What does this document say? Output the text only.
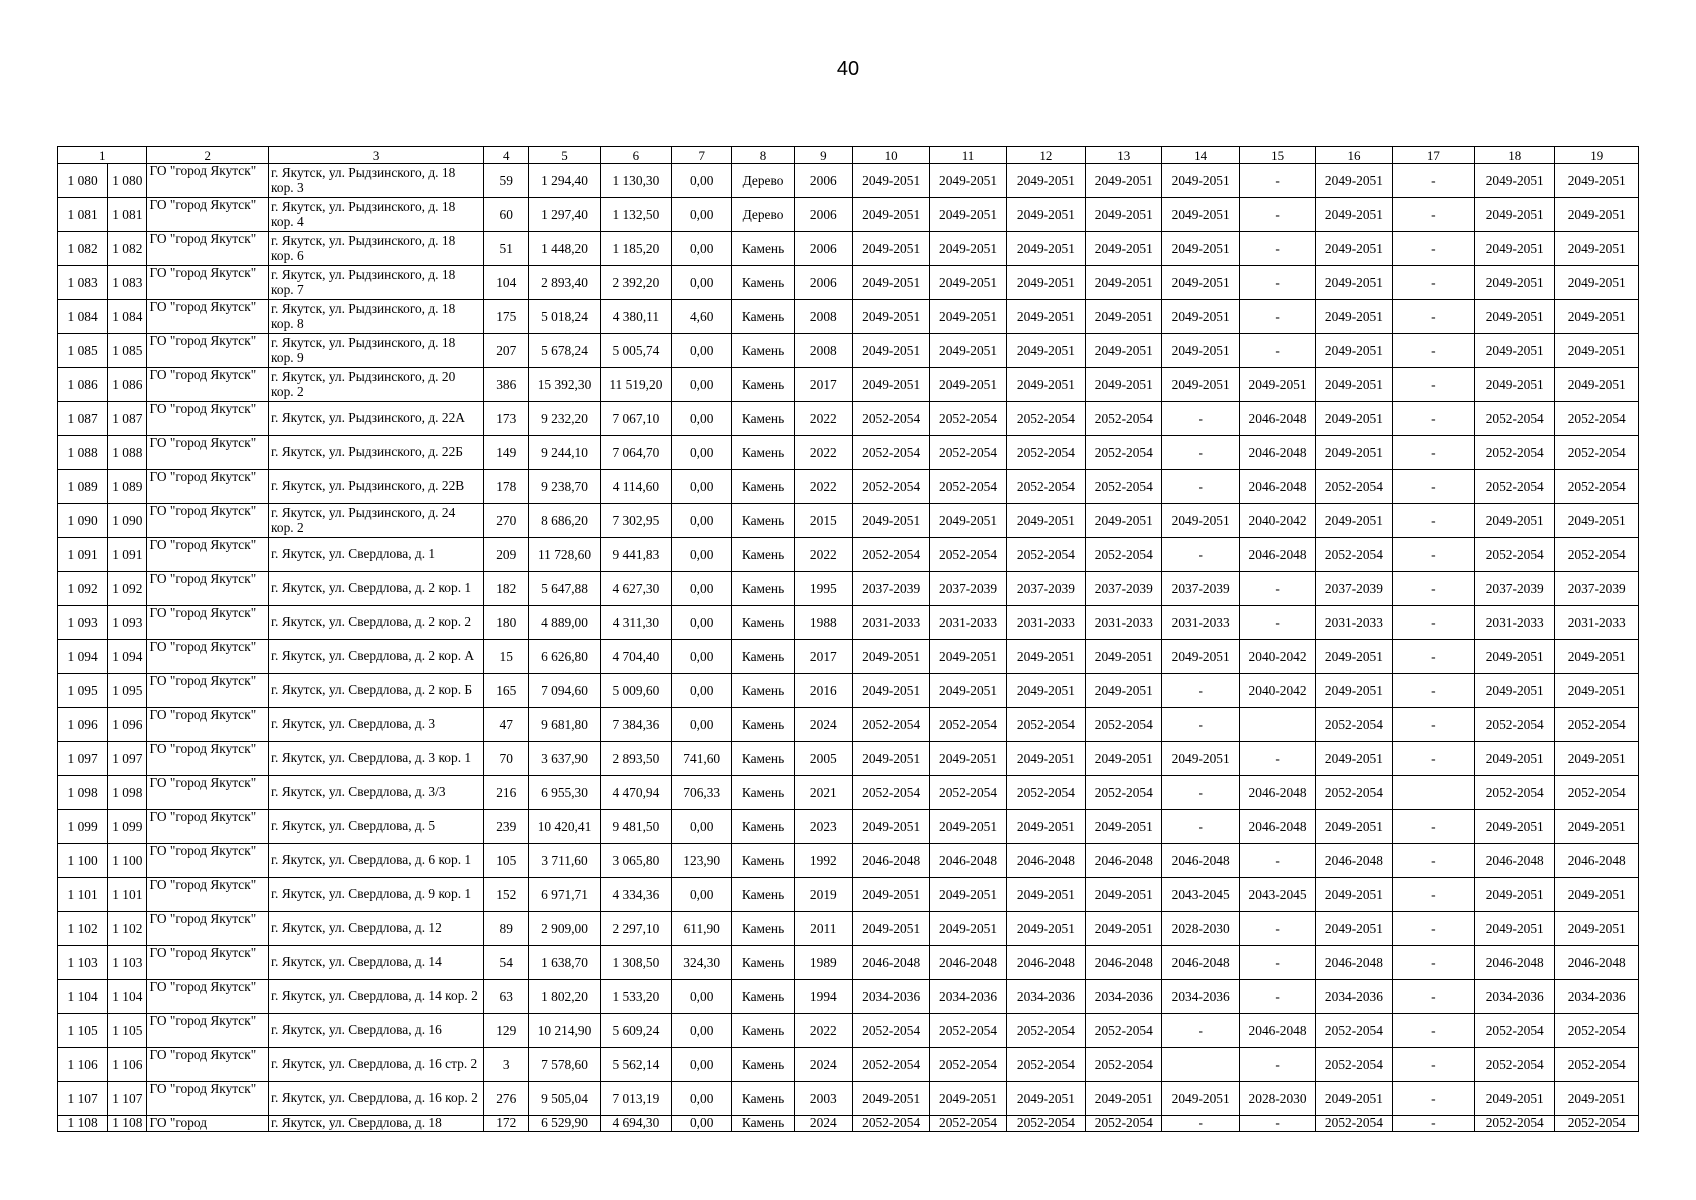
40
1		2	3	4	5	6	7	8	9	10	11	12	13	14	15	16	17	18	19
1 080	1 080	ГО "город Якутск"	г. Якутск, ул. Рыдзинского, д. 18 кор. 3	59	1 294,40	1 130,30	0,00	Дерево	2006	2049-2051	2049-2051	2049-2051	2049-2051	2049-2051	-	2049-2051	-	2049-2051	2049-2051
1 081	1 081	ГО "город Якутск"	г. Якутск, ул. Рыдзинского, д. 18 кор. 4	60	1 297,40	1 132,50	0,00	Дерево	2006	2049-2051	2049-2051	2049-2051	2049-2051	2049-2051	-	2049-2051	-	2049-2051	2049-2051
1 082	1 082	ГО "город Якутск"	г. Якутск, ул. Рыдзинского, д. 18 кор. 6	51	1 448,20	1 185,20	0,00	Камень	2006	2049-2051	2049-2051	2049-2051	2049-2051	2049-2051	-	2049-2051	-	2049-2051	2049-2051
1 083	1 083	ГО "город Якутск"	г. Якутск, ул. Рыдзинского, д. 18 кор. 7	104	2 893,40	2 392,20	0,00	Камень	2006	2049-2051	2049-2051	2049-2051	2049-2051	2049-2051	-	2049-2051	-	2049-2051	2049-2051
1 084	1 084	ГО "город Якутск"	г. Якутск, ул. Рыдзинского, д. 18 кор. 8	175	5 018,24	4 380,11	4,60	Камень	2008	2049-2051	2049-2051	2049-2051	2049-2051	2049-2051	-	2049-2051	-	2049-2051	2049-2051
1 085	1 085	ГО "город Якутск"	г. Якутск, ул. Рыдзинского, д. 18 кор. 9	207	5 678,24	5 005,74	0,00	Камень	2008	2049-2051	2049-2051	2049-2051	2049-2051	2049-2051	-	2049-2051	-	2049-2051	2049-2051
1 086	1 086	ГО "город Якутск"	г. Якутск, ул. Рыдзинского, д. 20 кор. 2	386	15 392,30	11 519,20	0,00	Камень	2017	2049-2051	2049-2051	2049-2051	2049-2051	2049-2051	2049-2051	2049-2051	-	2049-2051	2049-2051
1 087	1 087	ГО "город Якутск"	г. Якутск, ул. Рыдзинского, д. 22А	173	9 232,20	7 067,10	0,00	Камень	2022	2052-2054	2052-2054	2052-2054	2052-2054	-	2046-2048	2049-2051	-	2052-2054	2052-2054
1 088	1 088	ГО "город Якутск"	г. Якутск, ул. Рыдзинского, д. 22Б	149	9 244,10	7 064,70	0,00	Камень	2022	2052-2054	2052-2054	2052-2054	2052-2054	-	2046-2048	2049-2051	-	2052-2054	2052-2054
1 089	1 089	ГО "город Якутск"	г. Якутск, ул. Рыдзинского, д. 22В	178	9 238,70	4 114,60	0,00	Камень	2022	2052-2054	2052-2054	2052-2054	2052-2054	-	2046-2048	2052-2054	-	2052-2054	2052-2054
1 090	1 090	ГО "город Якутск"	г. Якутск, ул. Рыдзинского, д. 24 кор. 2	270	8 686,20	7 302,95	0,00	Камень	2015	2049-2051	2049-2051	2049-2051	2049-2051	2049-2051	2040-2042	2049-2051	-	2049-2051	2049-2051
1 091	1 091	ГО "город Якутск"	г. Якутск, ул. Свердлова, д. 1	209	11 728,60	9 441,83	0,00	Камень	2022	2052-2054	2052-2054	2052-2054	2052-2054	-	2046-2048	2052-2054	-	2052-2054	2052-2054
1 092	1 092	ГО "город Якутск"	г. Якутск, ул. Свердлова, д. 2 кор. 1	182	5 647,88	4 627,30	0,00	Камень	1995	2037-2039	2037-2039	2037-2039	2037-2039	2037-2039	-	2037-2039	-	2037-2039	2037-2039
1 093	1 093	ГО "город Якутск"	г. Якутск, ул. Свердлова, д. 2 кор. 2	180	4 889,00	4 311,30	0,00	Камень	1988	2031-2033	2031-2033	2031-2033	2031-2033	2031-2033	-	2031-2033	-	2031-2033	2031-2033
1 094	1 094	ГО "город Якутск"	г. Якутск, ул. Свердлова, д. 2 кор. А	15	6 626,80	4 704,40	0,00	Камень	2017	2049-2051	2049-2051	2049-2051	2049-2051	2049-2051	2040-2042	2049-2051	-	2049-2051	2049-2051
1 095	1 095	ГО "город Якутск"	г. Якутск, ул. Свердлова, д. 2 кор. Б	165	7 094,60	5 009,60	0,00	Камень	2016	2049-2051	2049-2051	2049-2051	2049-2051	-	2040-2042	2049-2051	-	2049-2051	2049-2051
1 096	1 096	ГО "город Якутск"	г. Якутск, ул. Свердлова, д. 3	47	9 681,80	7 384,36	0,00	Камень	2024	2052-2054	2052-2054	2052-2054	2052-2054	-		2052-2054	-	2052-2054	2052-2054
1 097	1 097	ГО "город Якутск"	г. Якутск, ул. Свердлова, д. 3 кор. 1	70	3 637,90	2 893,50	741,60	Камень	2005	2049-2051	2049-2051	2049-2051	2049-2051	2049-2051	-	2049-2051	-	2049-2051	2049-2051
1 098	1 098	ГО "город Якутск"	г. Якутск, ул. Свердлова, д. 3/3	216	6 955,30	4 470,94	706,33	Камень	2021	2052-2054	2052-2054	2052-2054	2052-2054	-	2046-2048	2052-2054		2052-2054	2052-2054
1 099	1 099	ГО "город Якутск"	г. Якутск, ул. Свердлова, д. 5	239	10 420,41	9 481,50	0,00	Камень	2023	2049-2051	2049-2051	2049-2051	2049-2051	-	2046-2048	2049-2051	-	2049-2051	2049-2051
1 100	1 100	ГО "город Якутск"	г. Якутск, ул. Свердлова, д. 6 кор. 1	105	3 711,60	3 065,80	123,90	Камень	1992	2046-2048	2046-2048	2046-2048	2046-2048	2046-2048	-	2046-2048	-	2046-2048	2046-2048
1 101	1 101	ГО "город Якутск"	г. Якутск, ул. Свердлова, д. 9 кор. 1	152	6 971,71	4 334,36	0,00	Камень	2019	2049-2051	2049-2051	2049-2051	2049-2051	2043-2045	2043-2045	2049-2051	-	2049-2051	2049-2051
1 102	1 102	ГО "город Якутск"	г. Якутск, ул. Свердлова, д. 12	89	2 909,00	2 297,10	611,90	Камень	2011	2049-2051	2049-2051	2049-2051	2049-2051	2028-2030	-	2049-2051	-	2049-2051	2049-2051
1 103	1 103	ГО "город Якутск"	г. Якутск, ул. Свердлова, д. 14	54	1 638,70	1 308,50	324,30	Камень	1989	2046-2048	2046-2048	2046-2048	2046-2048	2046-2048	-	2046-2048	-	2046-2048	2046-2048
1 104	1 104	ГО "город Якутск"	г. Якутск, ул. Свердлова, д. 14 кор. 2	63	1 802,20	1 533,20	0,00	Камень	1994	2034-2036	2034-2036	2034-2036	2034-2036	2034-2036	-	2034-2036	-	2034-2036	2034-2036
1 105	1 105	ГО "город Якутск"	г. Якутск, ул. Свердлова, д. 16	129	10 214,90	5 609,24	0,00	Камень	2022	2052-2054	2052-2054	2052-2054	2052-2054	-	2046-2048	2052-2054	-	2052-2054	2052-2054
1 106	1 106	ГО "город Якутск"	г. Якутск, ул. Свердлова, д. 16 стр. 2	3	7 578,60	5 562,14	0,00	Камень	2024	2052-2054	2052-2054	2052-2054	2052-2054		-	2052-2054	-	2052-2054	2052-2054
1 107	1 107	ГО "город Якутск"	г. Якутск, ул. Свердлова, д. 16 кор. 2	276	9 505,04	7 013,19	0,00	Камень	2003	2049-2051	2049-2051	2049-2051	2049-2051	2049-2051	2028-2030	2049-2051	-	2049-2051	2049-2051
1 108	1 108	ГО "город	г. Якутск, ул. Свердлова, д. 18	172	6 529,90	4 694,30	0,00	Камень	2024	2052-2054	2052-2054	2052-2054	2052-2054	-	-	2052-2054	-	2052-2054	2052-2054
